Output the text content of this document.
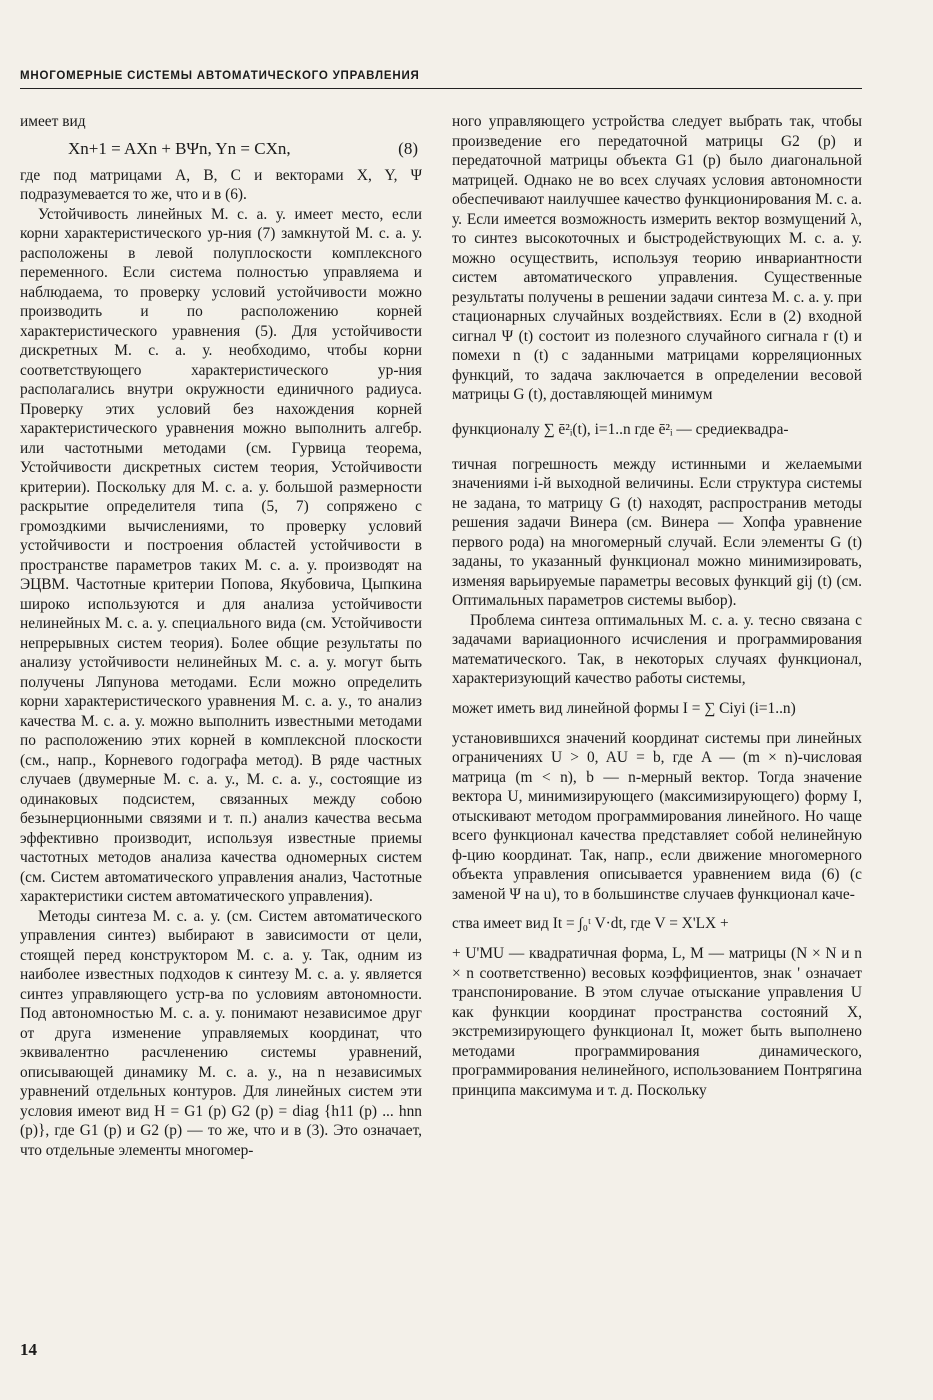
МНОГОМЕРНЫЕ СИСТЕМЫ АВТОМАТИЧЕСКОГО УПРАВЛЕНИЯ

имеет вид

Xn+1 = AXn + BΨn, Yn = CXn,	(8)

где под матрицами A, B, C и векторами X, Y, Ψ подразумевается то же, что и в (6).

Устойчивость линейных М. с. а. у. имеет место, если корни характеристического ур-ния (7) замкнутой М. с. а. у. расположены в левой полуплоскости комплексного переменного. Если система полностью управляема и наблюдаема, то проверку условий устойчивости можно производить и по расположению корней характеристического уравнения (5). Для устойчивости дискретных М. с. а. у. необходимо, чтобы корни соответствующего характеристического ур-ния располагались внутри окружности единичного радиуса. Проверку этих условий без нахождения корней характеристического уравнения можно выполнить алгебр. или частотными методами (см. Гурвица теорема, Устойчивости дискретных систем теория, Устойчивости критерии). Поскольку для М. с. а. у. большой размерности раскрытие определителя типа (5, 7) сопряжено с громоздкими вычислениями, то проверку условий устойчивости и построения областей устойчивости в пространстве параметров таких М. с. а. у. производят на ЭЦВМ. Частотные критерии Попова, Якубовича, Цыпкина широко используются и для анализа устойчивости нелинейных М. с. а. у. специального вида (см. Устойчивости непрерывных систем теория). Более общие результаты по анализу устойчивости нелинейных М. с. а. у. могут быть получены Ляпунова методами. Если можно определить корни характеристического уравнения М. с. а. у., то анализ качества М. с. а. у. можно выполнить известными методами по расположению этих корней в комплексной плоскости (см., напр., Корневого годографа метод). В ряде частных случаев (двумерные М. с. а. у., М. с. а. у., состоящие из одинаковых подсистем, связанных между собою безынерционными связями и т. п.) анализ качества весьма эффективно производит, используя известные приемы частотных методов анализа качества одномерных систем (см. Систем автоматического управления анализ, Частотные характеристики систем автоматического управления).

Методы синтеза М. с. а. у. (см. Систем автоматического управления синтез) выбирают в зависимости от цели, стоящей перед конструктором М. с. а. у. Так, одним из наиболее известных подходов к синтезу М. с. а. у. является синтез управляющего устр-ва по условиям автономности. Под автономностью М. с. а. у. понимают независимое друг от друга изменение управляемых координат, что эквивалентно расчленению системы уравнений, описывающей динамику М. с. а. у., на n независимых уравнений отдельных контуров. Для линейных систем эти условия имеют вид H = G1 (p) G2 (p) = diag {h11 (p) ... hnn (p)}, где G1 (p) и G2 (p) — то же, что и в (3). Это означает, что отдельные элементы многомер-

ного управляющего устройства следует выбрать так, чтобы произведение его передаточной матрицы G2 (p) и передаточной матрицы объекта G1 (p) было диагональной матрицей. Однако не во всех случаях условия автономности обеспечивают наилучшее качество функционирования М. с. а. у. Если имеется возможность измерить вектор возмущений λ, то синтез высокоточных и быстродействующих М. с. а. у. можно осуществить, используя теорию инвариантности систем автоматического управления. Существенные результаты получены в решении задачи синтеза М. с. а. у. при стационарных случайных воздействиях. Если в (2) входной сигнал Ψ (t) состоит из полезного случайного сигнала r (t) и помехи n (t) с заданными матрицами корреляционных функций, то задача заключается в определении весовой матрицы G (t), доставляющей минимум

функционалу ∑ ē²ᵢ(t), i=1..n где ē²ᵢ — средиеквадра-

тичная погрешность между истинными и желаемыми значениями i-й выходной величины. Если структура системы не задана, то матрицу G (t) находят, распространив методы решения задачи Винера (см. Винера — Хопфа уравнение первого рода) на многомерный случай. Если элементы G (t) заданы, то указанный функционал можно минимизировать, изменяя варьируемые параметры весовых функций gij (t) (см. Оптимальных параметров системы выбор).

Проблема синтеза оптимальных М. с. а. у. тесно связана с задачами вариационного исчисления и программирования математического. Так, в некоторых случаях функционал, характеризующий качество работы системы,

может иметь вид линейной формы I = ∑ Ciyi (i=1..n)

установившихся значений координат системы при линейных ограничениях U > 0, AU = b, где A — (m × n)-числовая матрица (m < n), b — n-мерный вектор. Тогда значение вектора U, минимизирующего (максимизирующего) форму I, отыскивают методом программирования линейного. Но чаще всего функционал качества представляет собой нелинейную ф-цию координат. Так, напр., если движение многомерного объекта управления описывается уравнением вида (6) (с заменой Ψ на u), то в большинстве случаев функционал каче-

ства имеет вид It = ∫₀ᵗ V·dt, где V = X'LX +

+ U'MU — квадратичная форма, L, M — матрицы (N × N и n × n соответственно) весовых коэффициентов, знак ' означает транспонирование. В этом случае отыскание управления U как функции координат пространства состояний X, экстремизирующего функционал It, может быть выполнено методами программирования динамического, программирования нелинейного, использованием Понтрягина принципа максимума и т. д. Поскольку

14
